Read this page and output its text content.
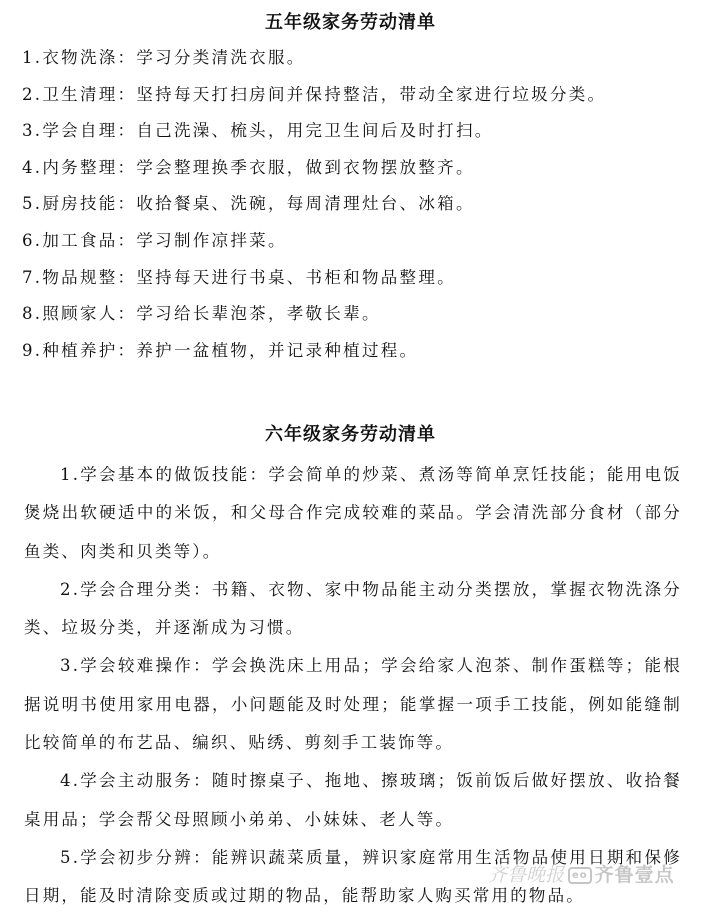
五年级家务劳动清单
1.衣物洗涤：学习分类清洗衣服。
2.卫生清理：坚持每天打扫房间并保持整洁，带动全家进行垃圾分类。
3.学会自理：自己洗澡、梳头，用完卫生间后及时打扫。
4.内务整理：学会整理换季衣服，做到衣物摆放整齐。
5.厨房技能：收拾餐桌、洗碗，每周清理灶台、冰箱。
6.加工食品：学习制作凉拌菜。
7.物品规整：坚持每天进行书桌、书柜和物品整理。
8.照顾家人：学习给长辈泡茶，孝敬长辈。
9.种植养护：养护一盆植物，并记录种植过程。
六年级家务劳动清单

1.学会基本的做饭技能：学会简单的炒菜、煮汤等简单烹饪技能；能用电饭煲烧出软硬适中的米饭，和父母合作完成较难的菜品。学会清洗部分食材（部分鱼类、肉类和贝类等）。

2.学会合理分类：书籍、衣物、家中物品能主动分类摆放，掌握衣物洗涤分类、垃圾分类，并逐渐成为习惯。

3.学会较难操作：学会换洗床上用品；学会给家人泡茶、制作蛋糕等；能根据说明书使用家用电器，小问题能及时处理；能掌握一项手工技能，例如能缝制比较简单的布艺品、编织、贴绣、剪刻手工装饰等。

4.学会主动服务：随时擦桌子、拖地、擦玻璃；饭前饭后做好摆放、收拾餐桌用品；学会帮父母照顾小弟弟、小妹妹、老人等。

5.学会初步分辨：能辨识蔬菜质量，辨识家庭常用生活物品使用日期和保修日期，能及时清除变质或过期的物品，能帮助家人购买常用的物品。

齐鲁晚报 eo 齐鲁壹点
